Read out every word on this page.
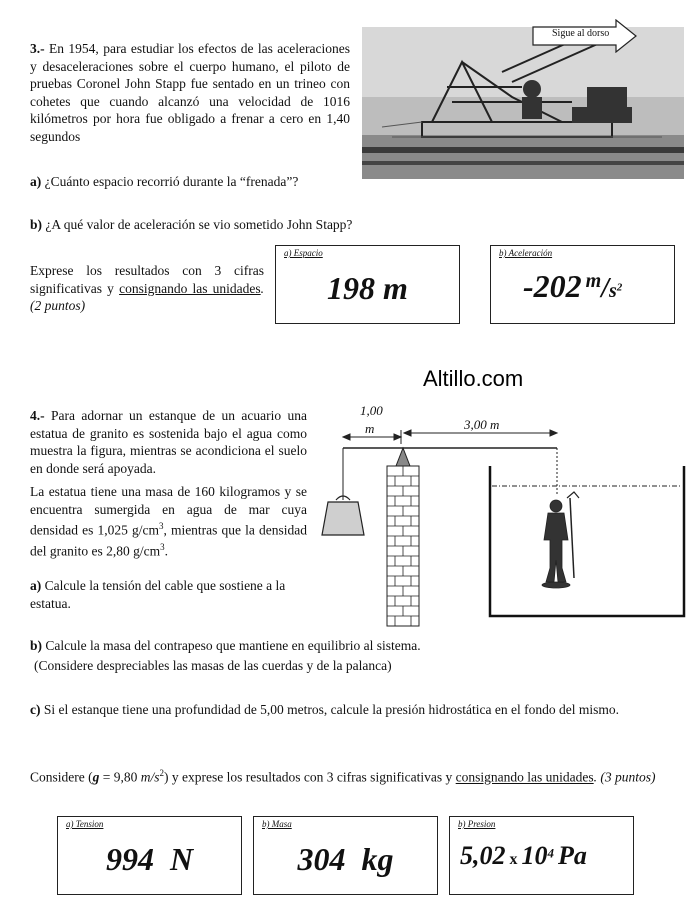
3.- En 1954, para estudiar los efectos de las aceleraciones y desaceleraciones sobre el cuerpo humano, el piloto de pruebas Coronel John Stapp fue sentado en un trineo con cohetes que cuando alcanzó una velocidad de 1016 kilómetros por hora fue obligado a frenar a cero en 1,40 segundos
Sigue al dorso
a) ¿Cuánto espacio recorrió durante la “frenada”?
b) ¿A qué valor de aceleración se vio sometido John Stapp?
Exprese los resultados con 3 cifras significativas y consignando las unidades. (2 puntos)
a) Espacio
198 m
b) Aceleración
-202 $^m/s^2$
Altillo.com
4.- Para adornar un estanque de un acuario una estatua de granito es sostenida bajo el agua como muestra la figura, mientras se acondiciona el suelo en donde será apoyada.
La estatua tiene una masa de 160 kilogramos y se encuentra sumergida en agua de mar cuya densidad es 1,025 $g/cm^3$, mientras que la densidad del granito es 2,80 $g/cm^3$.
1,00
m	3,00 m
a) Calcule la tensión del cable que sostiene a la estatua.
b) Calcule la masa del contrapeso que mantiene en equilibrio al sistema.
(Considere despreciables las masas de las cuerdas y de la palanca)
c) Si el estanque tiene una profundidad de 5,00 metros, calcule la presión hidrostática en el fondo del mismo.
Considere (g = 9,80 $m/s^2$) y exprese los resultados con 3 cifras significativas y consignando las unidades. (3 puntos)
a) Tension
994  N
b) Masa
304  kg
b) Presion
5,02 x $10^4$ Pa
